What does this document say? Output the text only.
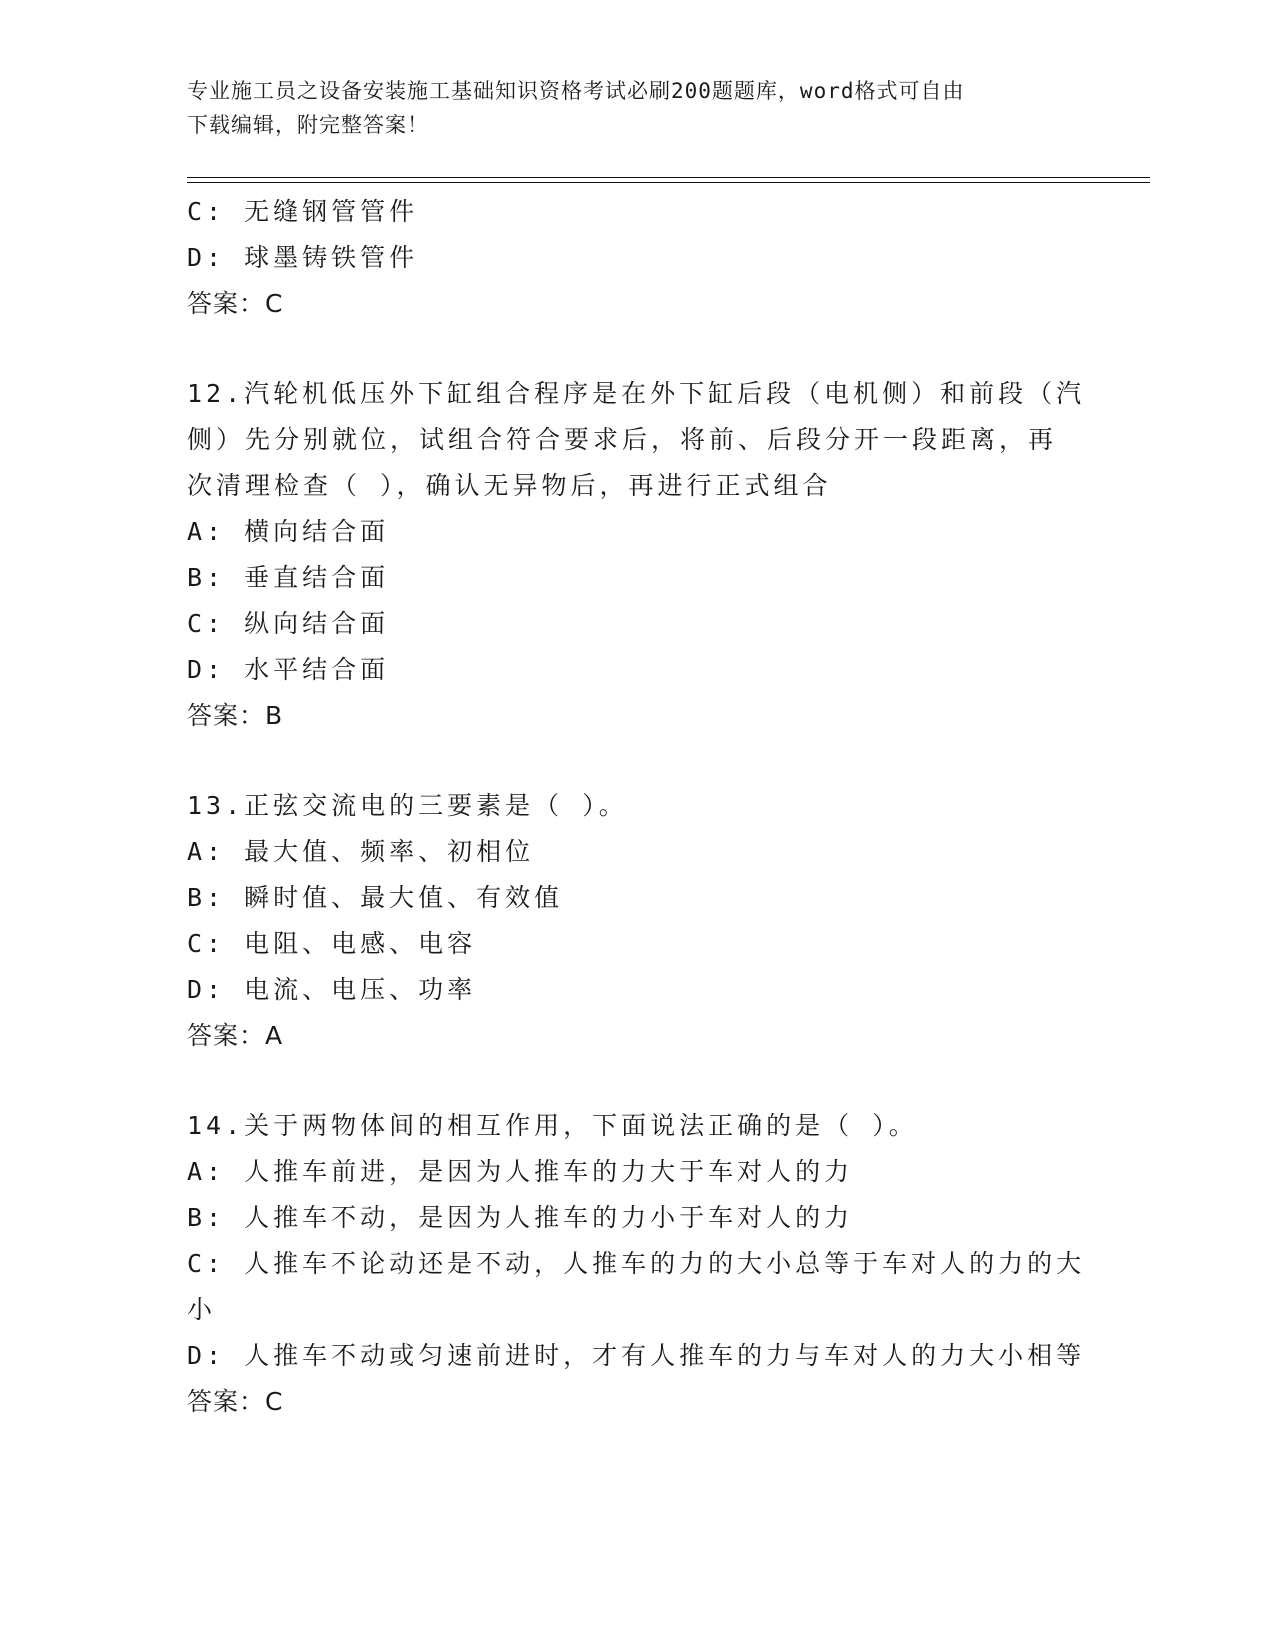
专业施工员之设备安装施工基础知识资格考试必刷200题题库，word格式可自由
下载编辑，附完整答案！
C: 无缝钢管管件
D: 球墨铸铁管件
答案：C
12.汽轮机低压外下缸组合程序是在外下缸后段（电机侧）和前段（汽
侧）先分别就位，试组合符合要求后，将前、后段分开一段距离，再
次清理检查（ ），确认无异物后，再进行正式组合
A: 横向结合面
B: 垂直结合面
C: 纵向结合面
D: 水平结合面
答案：B
13.正弦交流电的三要素是（ ）。
A: 最大值、频率、初相位
B: 瞬时值、最大值、有效值
C: 电阻、电感、电容
D: 电流、电压、功率
答案：A
14.关于两物体间的相互作用，下面说法正确的是（ ）。
A: 人推车前进，是因为人推车的力大于车对人的力
B: 人推车不动，是因为人推车的力小于车对人的力
C: 人推车不论动还是不动，人推车的力的大小总等于车对人的力的大
小
D: 人推车不动或匀速前进时，才有人推车的力与车对人的力大小相等
答案：C
